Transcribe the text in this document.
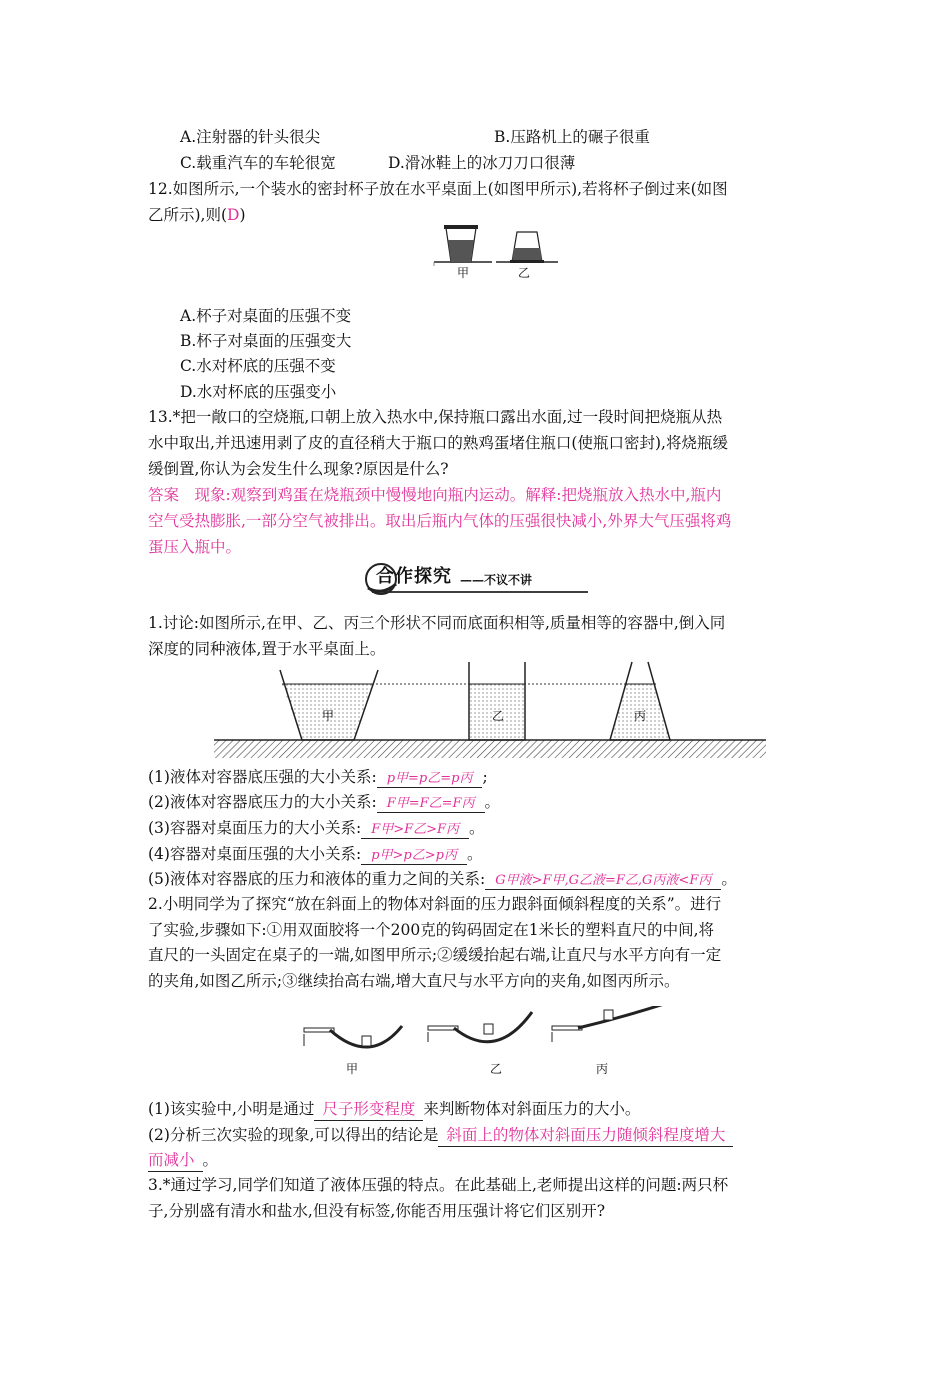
A.注射器的针头很尖	B.压路机上的碾子很重
C.载重汽车的车轮很宽	D.滑冰鞋上的冰刀刀口很薄
12.如图所示,一个装水的密封杯子放在水平桌面上(如图甲所示),若将杯子倒过来(如图
乙所示),则(D)
甲	乙
A.杯子对桌面的压强不变
B.杯子对桌面的压强变大
C.水对杯底的压强不变
D.水对杯底的压强变小
13.*把一敞口的空烧瓶,口朝上放入热水中,保持瓶口露出水面,过一段时间把烧瓶从热
水中取出,并迅速用剥了皮的直径稍大于瓶口的熟鸡蛋堵住瓶口(使瓶口密封),将烧瓶缓
缓倒置,你认为会发生什么现象?原因是什么?
答案　现象:观察到鸡蛋在烧瓶颈中慢慢地向瓶内运动。解释:把烧瓶放入热水中,瓶内
空气受热膨胀,一部分空气被排出。取出后瓶内气体的压强很快减小,外界大气压强将鸡
蛋压入瓶中。
合作探究 ——不议不讲
1.讨论:如图所示,在甲、乙、丙三个形状不同而底面积相等,质量相等的容器中,倒入同
深度的同种液体,置于水平桌面上。
甲	乙	丙
(1)液体对容器底压强的大小关系: p甲=p乙=p丙 ;
(2)液体对容器底压力的大小关系: F甲=F乙=F丙 。
(3)容器对桌面压力的大小关系: F甲>F乙>F丙 。
(4)容器对桌面压强的大小关系: p甲>p乙>p丙 。
(5)液体对容器底的压力和液体的重力之间的关系: G甲液>F甲,G乙液=F乙,G丙液<F丙 。
2.小明同学为了探究“放在斜面上的物体对斜面的压力跟斜面倾斜程度的关系”。进行
了实验,步骤如下:①用双面胶将一个200克的钩码固定在1米长的塑料直尺的中间,将
直尺的一头固定在桌子的一端,如图甲所示;②缓缓抬起右端,让直尺与水平方向有一定
的夹角,如图乙所示;③继续抬高右端,增大直尺与水平方向的夹角,如图丙所示。
甲	乙	丙
(1)该实验中,小明是通过 尺子形变程度 来判断物体对斜面压力的大小。
(2)分析三次实验的现象,可以得出的结论是 斜面上的物体对斜面压力随倾斜程度增大
而减小 。
3.*通过学习,同学们知道了液体压强的特点。在此基础上,老师提出这样的问题:两只杯
子,分别盛有清水和盐水,但没有标签,你能否用压强计将它们区别开?
